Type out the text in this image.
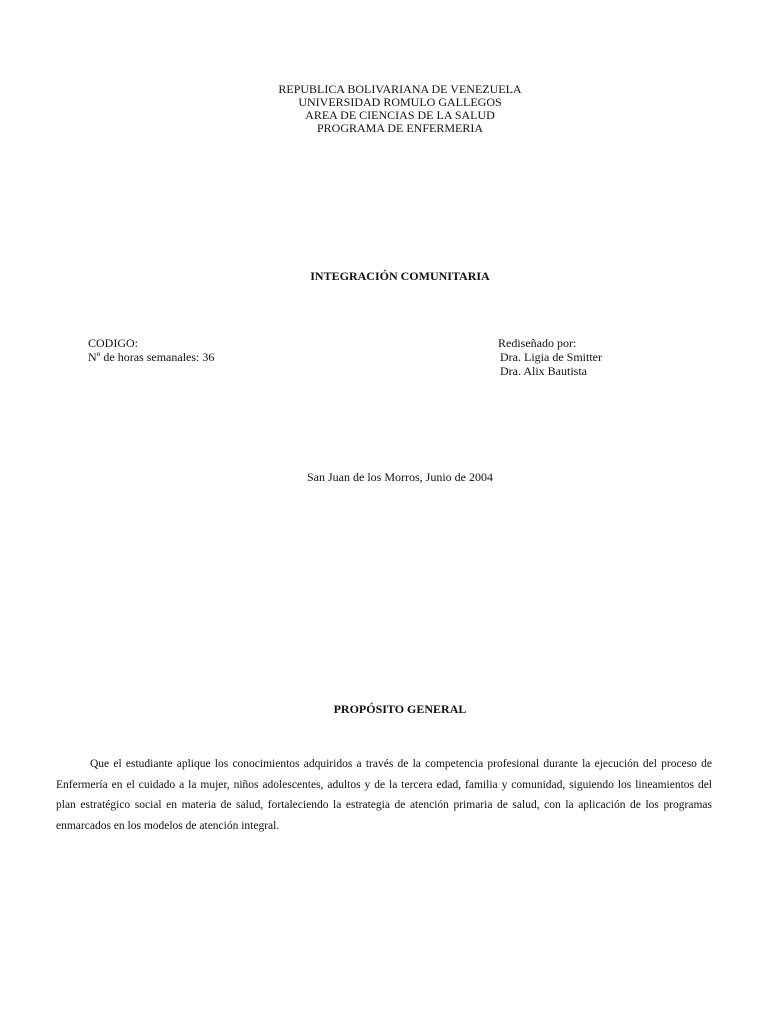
REPUBLICA BOLIVARIANA DE VENEZUELA
UNIVERSIDAD ROMULO GALLEGOS
AREA DE CIENCIAS DE LA SALUD
PROGRAMA DE ENFERMERIA
INTEGRACIÓN COMUNITARIA
CODIGO:
Nº de horas semanales: 36
Rediseñado por:
Dra. Ligia de Smitter
Dra. Alix Bautista
San Juan de los Morros, Junio de 2004
PROPÓSITO GENERAL

Que el estudiante aplique los conocimientos adquiridos a través de la competencia profesional durante la ejecución del proceso de Enfermería en el cuidado a la mujer, niños adolescentes, adultos y de la tercera edad, familia y comunidad, siguiendo los lineamientos del plan estratégico social en materia de salud, fortaleciendo la estrategia de atención primaria de salud, con la aplicación de los programas enmarcados en los modelos de atención integral.
